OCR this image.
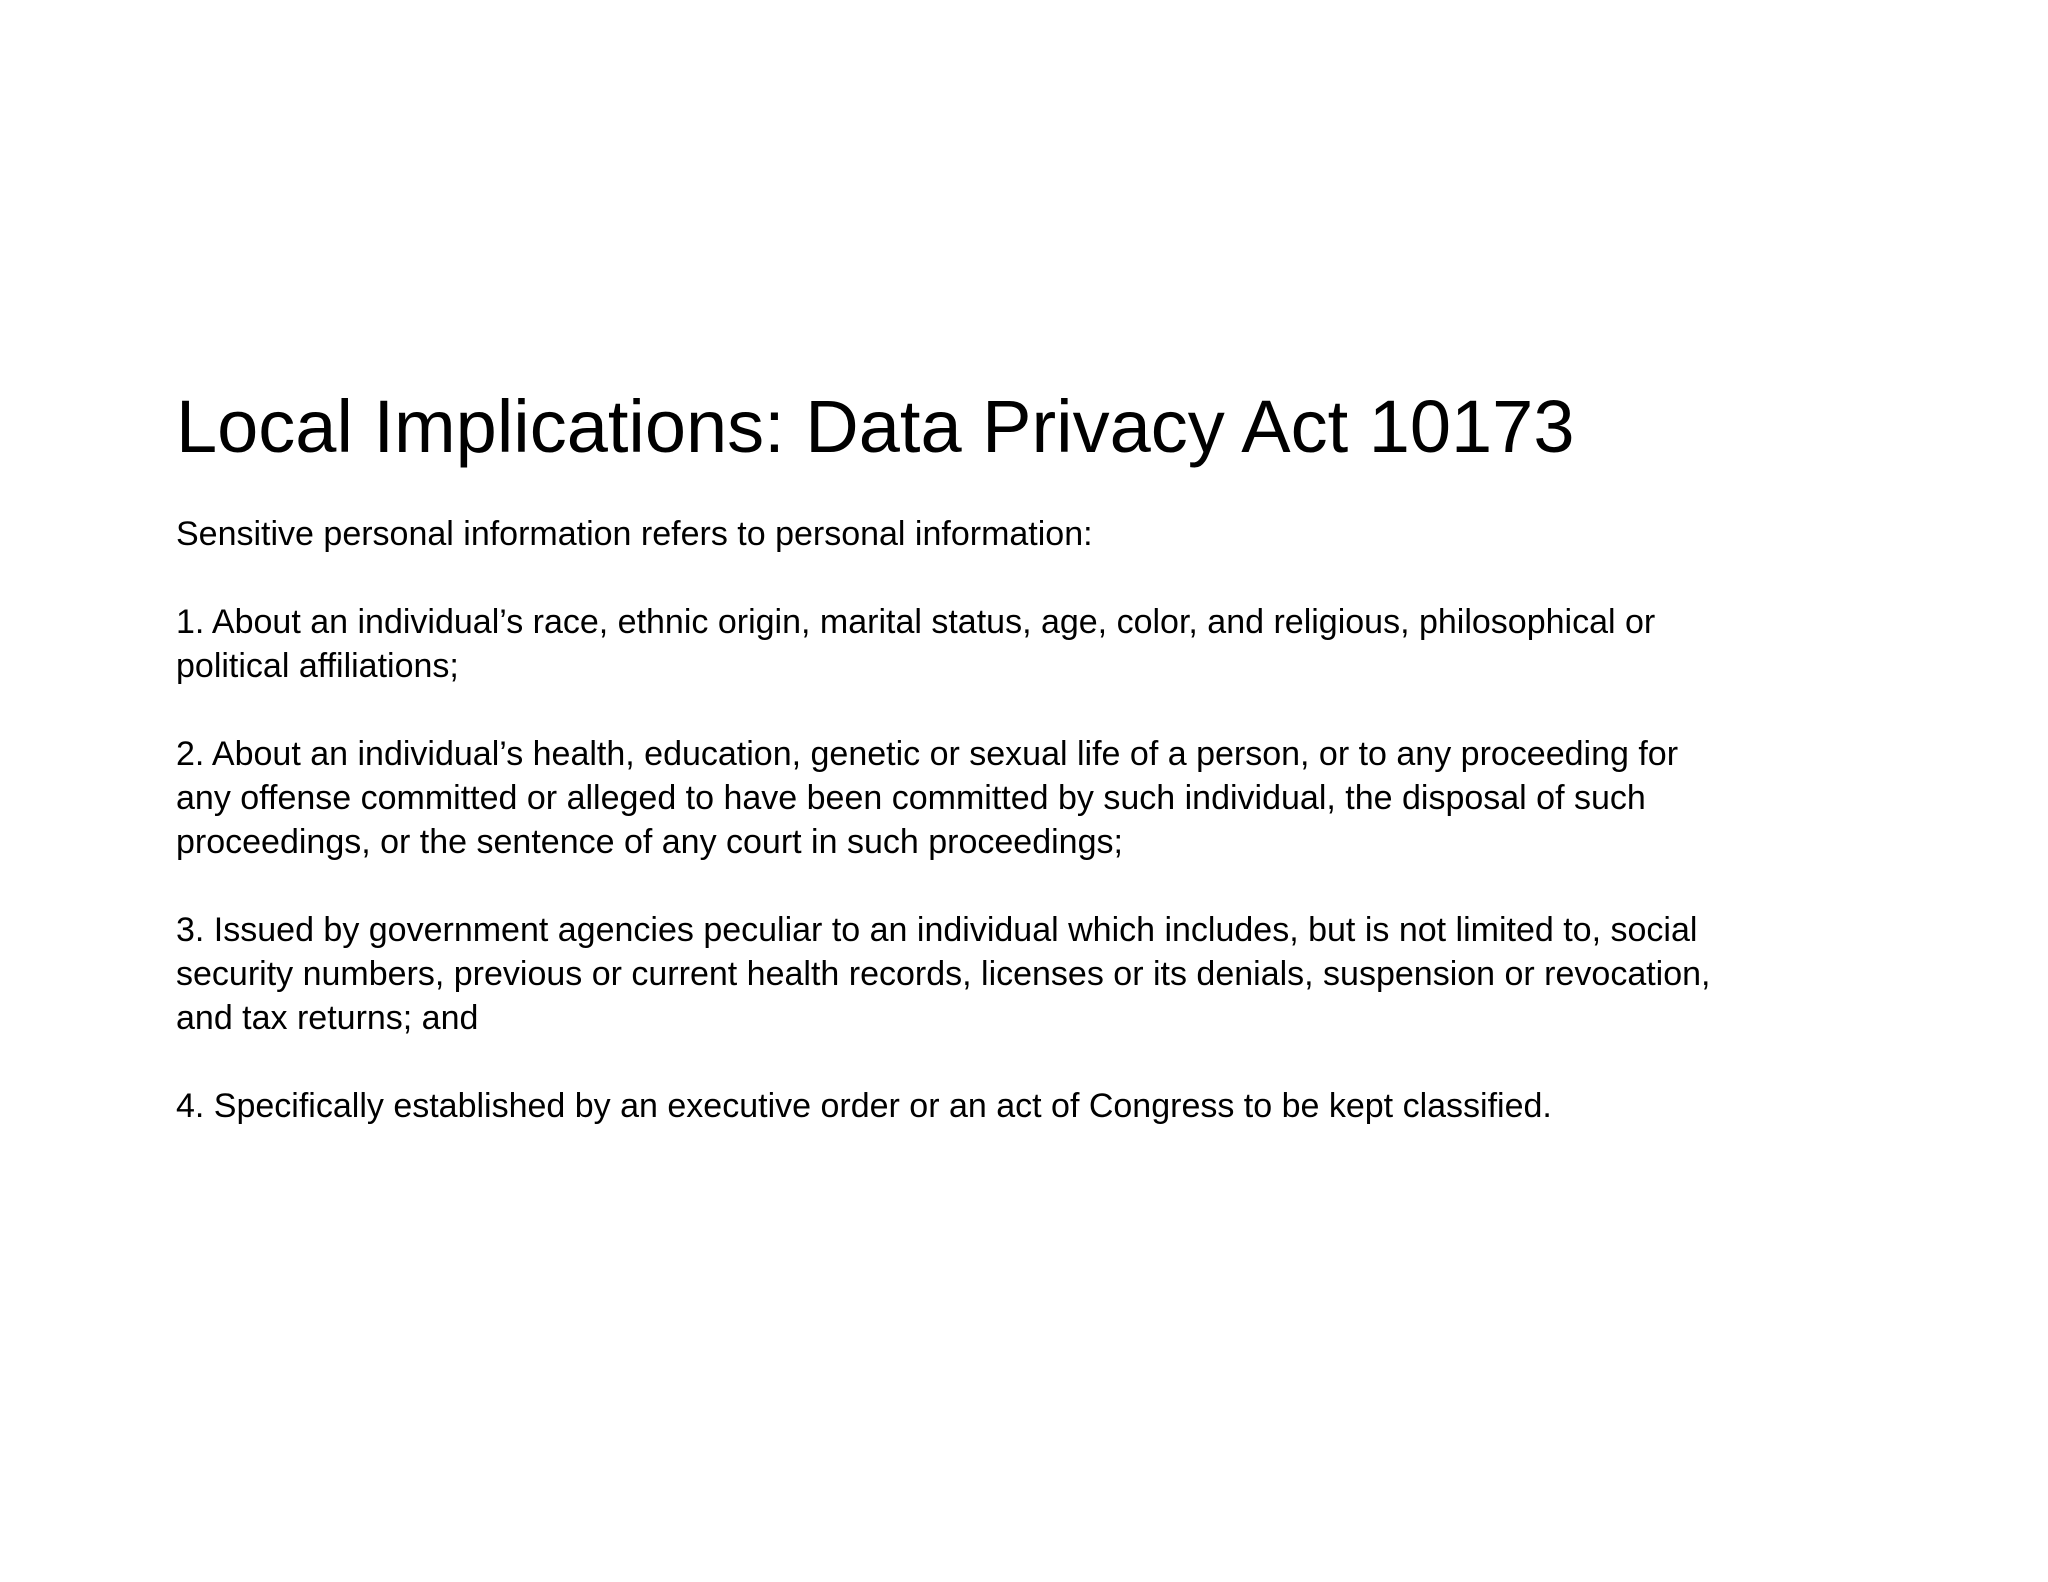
Local Implications: Data Privacy Act 10173

Sensitive personal information refers to personal information:

1. About an individual’s race, ethnic origin, marital status, age, color, and religious, philosophical or
political affiliations;

2. About an individual’s health, education, genetic or sexual life of a person, or to any proceeding for
any offense committed or alleged to have been committed by such individual, the disposal of such
proceedings, or the sentence of any court in such proceedings;

3. Issued by government agencies peculiar to an individual which includes, but is not limited to, social
security numbers, previous or current health records, licenses or its denials, suspension or revocation,
and tax returns; and

4. Specifically established by an executive order or an act of Congress to be kept classified.
